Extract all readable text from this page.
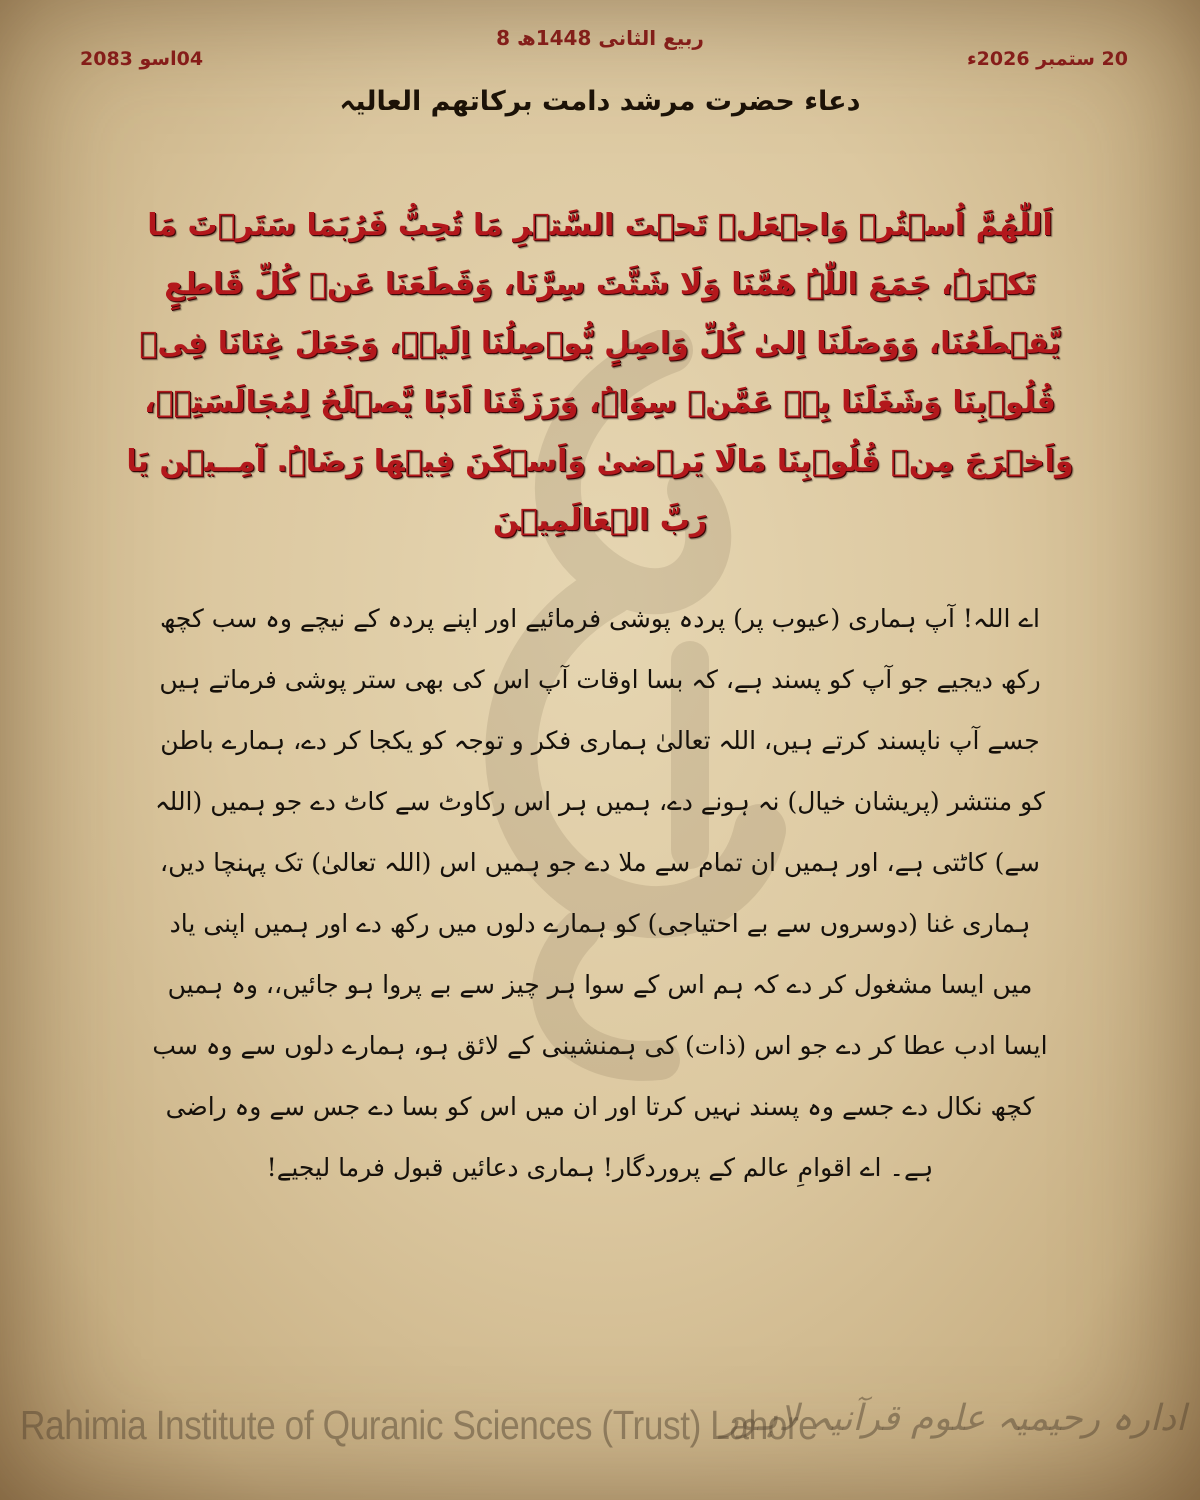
8 ربیع الثانی 1448ھ
04اسو 2083	20 ستمبر 2026ء
دعاء حضرت مرشد دامت برکاتھم العالیہ
اَللّٰھُمَّ اُسۡتُرۡ وَاجۡعَلۡ تَحۡتَ السَّتۡرِ مَا تُحِبُّ فَرُبَمَا سَتَرۡتَ مَا تَکۡرَہُ، جَمَعَ اللّٰہُ ھَمَّنَا وَلَا شَتَّتَ سِرَّنَا، وَقَطَعَنَا عَنۡ کُلِّ قَاطِعٍ یَّقۡطَعُنَا، وَوَصَلَنَا اِلیٰ کُلِّ وَاصِلٍ یُّوۡصِلُنَا اِلَیۡہِ، وَجَعَلَ غِنَانَا فِیۡ قُلُوۡبِنَا وَشَغَلَنَا بِہٖ عَمَّنۡ سِوَاہُ، وَرَزَقَنَا اَدَبًا یَّصۡلَحُ لِمُجَالَسَتِہٖ، وَاَخۡرَجَ مِنۡ قُلُوۡبِنَا مَالَا یَرۡضیٰ وَاَسۡکَنَ فِیۡھَا رَضَاہُ. آمِــیۡن یَا رَبَّ الۡعَالَمِیۡنَ
اے اللہ! آپ ہماری (عیوب پر) پردہ پوشی فرمائیے اور اپنے پردہ کے نیچے وہ سب کچھ رکھ دیجیے جو آپ کو پسند ہے، کہ بسا اوقات آپ اس کی بھی ستر پوشی فرماتے ہیں جسے آپ ناپسند کرتے ہیں، اللہ تعالیٰ ہماری فکر و توجہ کو یکجا کر دے، ہمارے باطن کو منتشر (پریشان خیال) نہ ہونے دے، ہمیں ہر اس رکاوٹ سے کاٹ دے جو ہمیں (اللہ سے) کاٹتی ہے، اور ہمیں ان تمام سے ملا دے جو ہمیں اس (اللہ تعالیٰ) تک پہنچا دیں، ہماری غنا (دوسروں سے بے احتیاجی) کو ہمارے دلوں میں رکھ دے اور ہمیں اپنی یاد میں ایسا مشغول کر دے کہ ہم اس کے سوا ہر چیز سے بے پروا ہو جائیں،، وہ ہمیں ایسا ادب عطا کر دے جو اس (ذات) کی ہمنشینی کے لائق ہو، ہمارے دلوں سے وہ سب کچھ نکال دے جسے وہ پسند نہیں کرتا اور ان میں اس کو بسا دے جس سے وہ راضی ہے۔ اے اقوامِ عالم کے پروردگار! ہماری دعائیں قبول فرما لیجیے!
Rahimia Institute of Quranic Sciences (Trust) Lahore
ادارہ رحیمیہ علوم قرآنیہ لاہور
